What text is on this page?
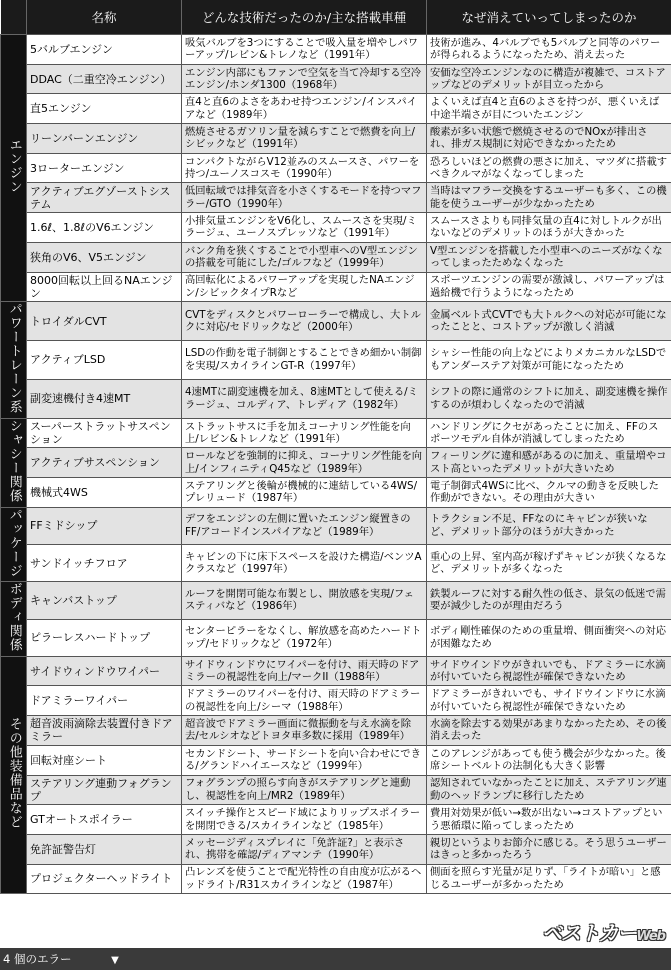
	名称	どんな技術だったのか/主な搭載車種	なぜ消えていってしまったのか
エンジン	5バルブエンジン	吸気バルブを3つにすることで吸入量を増やしパワーアップ/レビン&トレノなど（1991年）	技術が進み、4バルブでも5バルブと同等のパワーが得られるようになったため、消え去った
	DDAC（二重空冷エンジン）	エンジン内部にもファンで空気を当て冷却する空冷エンジン/ホンダ1300（1968年）	安価な空冷エンジンなのに構造が複雑で、コストアップなどのデメリットが目立ったから
	直5エンジン	直4と直6のよさをあわせ持つエンジン/インスパイアなど（1989年）	よくいえば直4と直6のよさを持つが、悪くいえば中途半端さが目についたエンジン
	リーンバーンエンジン	燃焼させるガソリン量を減らすことで燃費を向上/シビックなど（1991年）	酸素が多い状態で燃焼させるのでNOxが排出され、排ガス規制に対応できなかったため
	3ローターエンジン	コンパクトながらV12並みのスムースさ、パワーを持つ/ユーノスコスモ（1990年）	恐ろしいほどの燃費の悪さに加え、マツダに搭載すべきクルマがなくなってしまった
	アクティブエグゾーストシステム	低回転域では排気音を小さくするモードを持つマフラー/GTO（1990年）	当時はマフラー交換をするユーザーも多く、この機能を使うユーザーが少なかったため
	1.6ℓ、1.8ℓのV6エンジン	小排気量エンジンをV6化し、スムースさを実現/ミラージュ、ユーノスプレッソなど（1991年）	スムースさよりも同排気量の直4に対しトルクが出ないなどのデメリットのほうが大きかった
	狭角のV6、V5エンジン	バンク角を狭くすることで小型車へのV型エンジンの搭載を可能にした/ゴルフなど（1999年）	V型エンジンを搭載した小型車へのニーズがなくなってしまったためなくなった
	8000回転以上回るNAエンジン	高回転化によるパワーアップを実現したNAエンジン/シビックタイプRなど	スポーツエンジンの需要が激減し、パワーアップは過給機で行うようになったため
パワートレーン系	トロイダルCVT	CVTをディスクとパワーローラーで構成し、大トルクに対応/セドリックなど（2000年）	金属ベルト式CVTでも大トルクへの対応が可能になったことと、コストアップが激しく消滅
	アクティブLSD	LSDの作動を電子制御とすることできめ細かい制御を実現/スカイラインGT-R（1997年）	シャシー性能の向上などによりメカニカルなLSDでもアンダーステア対策が可能になったため
	副変速機付き4速MT	4速MTに副変速機を加え、8速MTとして使える/ミラージュ、コルディア、トレディア（1982年）	シフトの際に通常のシフトに加え、副変速機を操作するのが煩わしくなったので消滅
シャシー関係	スーパーストラットサスペンション	ストラットサスに手を加えコーナリング性能を向上/レビン&トレノなど（1991年）	ハンドリングにクセがあったことに加え、FFのスポーツモデル自体が消滅してしまったため
	アクティブサスペンション	ロールなどを強制的に抑え、コーナリング性能を向上/インフィニティQ45など（1989年）	フィーリングに違和感があるのに加え、重量増やコスト高といったデメリットが大きいため
	機械式4WS	ステアリングと後輪が機械的に連結している4WS/プレリュード（1987年）	電子制御式4WSに比べ、クルマの動きを反映した作動ができない。その理由が大きい
パッケージ	FFミドシップ	デフをエンジンの左側に置いたエンジン縦置きのFF/アコードインスパイアなど（1989年）	トラクション不足、FFなのにキャビンが狭いなど、デメリット部分のほうが大きかった
	サンドイッチフロア	キャビンの下に床下スペースを設けた構造/ベンツAクラスなど（1997年）	重心の上昇、室内高が稼げずキャビンが狭くなるなど、デメリットが多くなった
ボディ関係	キャンバストップ	ルーフを開閉可能な布製とし、開放感を実現/フェスティバなど（1986年）	鉄製ルーフに対する耐久性の低さ、景気の低迷で需要が減少したのが理由だろう
	ピラーレスハードトップ	センターピラーをなくし、解放感を高めたハードトップ/セドリックなど（1972年）	ボディ剛性確保のための重量増、側面衝突への対応が困難なため
その他装備品など	サイドウィンドウワイパー	サイドウィンドウにワイパーを付け、雨天時のドアミラーの視認性を向上/マークII（1988年）	サイドウインドウがきれいでも、ドアミラーに水滴が付いていたら視認性が確保できないため
	ドアミラーワイパー	ドアミラーのワイパーを付け、雨天時のドアミラーの視認性を向上/シーマ（1988年）	ドアミラーがきれいでも、サイドウインドウに水滴が付いていたら視認性が確保できないため
	超音波雨滴除去装置付きドアミラー	超音波でドアミラー画面に微振動を与え水滴を除去/セルシオなどトヨタ車多数に採用（1989年）	水滴を除去する効果があまりなかったため、その後消え去った
	回転対座シート	セカンドシート、サードシートを向い合わせにできる/グランドハイエースなど（1999年）	このアレンジがあっても使う機会が少なかった。後席シートベルトの法制化も大きく影響
	ステアリング連動フォグランプ	フォグランプの照らす向きがステアリングと連動し、視認性を向上/MR2（1989年）	認知されていなかったことに加え、ステアリング連動のヘッドランプに移行したため
	GTオートスポイラー	スイッチ操作とスピード域によりリップスポイラーを開閉できる/スカイラインなど（1985年）	費用対効果が低い→数が出ない→コストアップという悪循環に陥ってしまったため
	免許証警告灯	メッセージディスプレイに「免許証?」と表示され、携帯を確認/ディアマンテ（1990年）	親切というよりお節介に感じる。そう思うユーザーはきっと多かったろう
	プロジェクターヘッドライト	凸レンズを使うことで配光特性の自由度が広がるヘッドライト/R31スカイラインなど（1987年）	側面を照らす光量が足りず、「ライトが暗い」と感じるユーザーが多かったため
ベストカーWeb
4 個のエラー	▼
